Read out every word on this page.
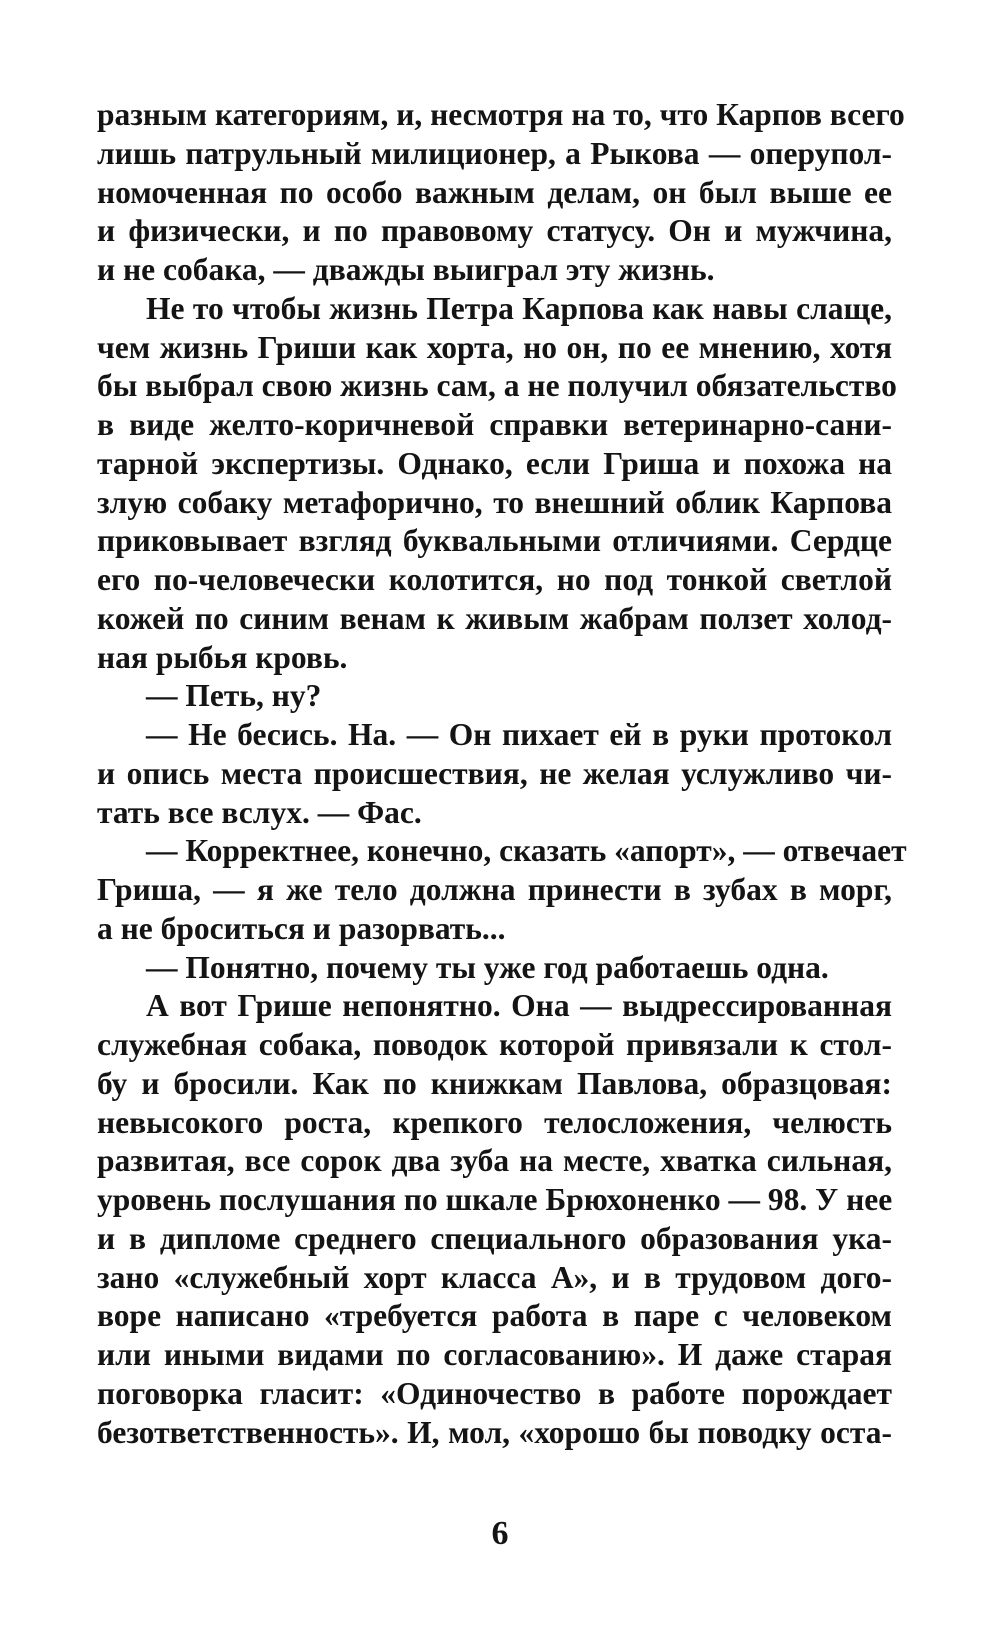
разным категориям, и, несмотря на то, что Карпов всего
лишь патрульный милиционер, а Рыкова — оперупол-
номоченная по особо важным делам, он был выше ее
и физически, и по правовому статусу. Он и мужчина,
и не собака, — дважды выиграл эту жизнь.

Не то чтобы жизнь Петра Карпова как навы слаще,
чем жизнь Гриши как хорта, но он, по ее мнению, хотя
бы выбрал свою жизнь сам, а не получил обязательство
в виде желто-коричневой справки ветеринарно-сани-
тарной экспертизы. Однако, если Гриша и похожа на
злую собаку метафорично, то внешний облик Карпова
приковывает взгляд буквальными отличиями. Сердце
его по-человечески колотится, но под тонкой светлой
кожей по синим венам к живым жабрам ползет холод-
ная рыбья кровь.

— Петь, ну?

— Не бесись. На. — Он пихает ей в руки протокол
и опись места происшествия, не желая услужливо чи-
тать все вслух. — Фас.

— Корректнее, конечно, сказать «апорт», — отвечает
Гриша, — я же тело должна принести в зубах в морг,
а не броситься и разорвать...

— Понятно, почему ты уже год работаешь одна.

А вот Грише непонятно. Она — выдрессированная
служебная собака, поводок которой привязали к стол-
бу и бросили. Как по книжкам Павлова, образцовая:
невысокого роста, крепкого телосложения, челюсть
развитая, все сорок два зуба на месте, хватка сильная,
уровень послушания по шкале Брюхоненко — 98. У нее
и в дипломе среднего специального образования ука-
зано «служебный хорт класса А», и в трудовом дого-
воре написано «требуется работа в паре с человеком
или иными видами по согласованию». И даже старая
поговорка гласит: «Одиночество в работе порождает
безответственность». И, мол, «хорошо бы поводку оста-

6
